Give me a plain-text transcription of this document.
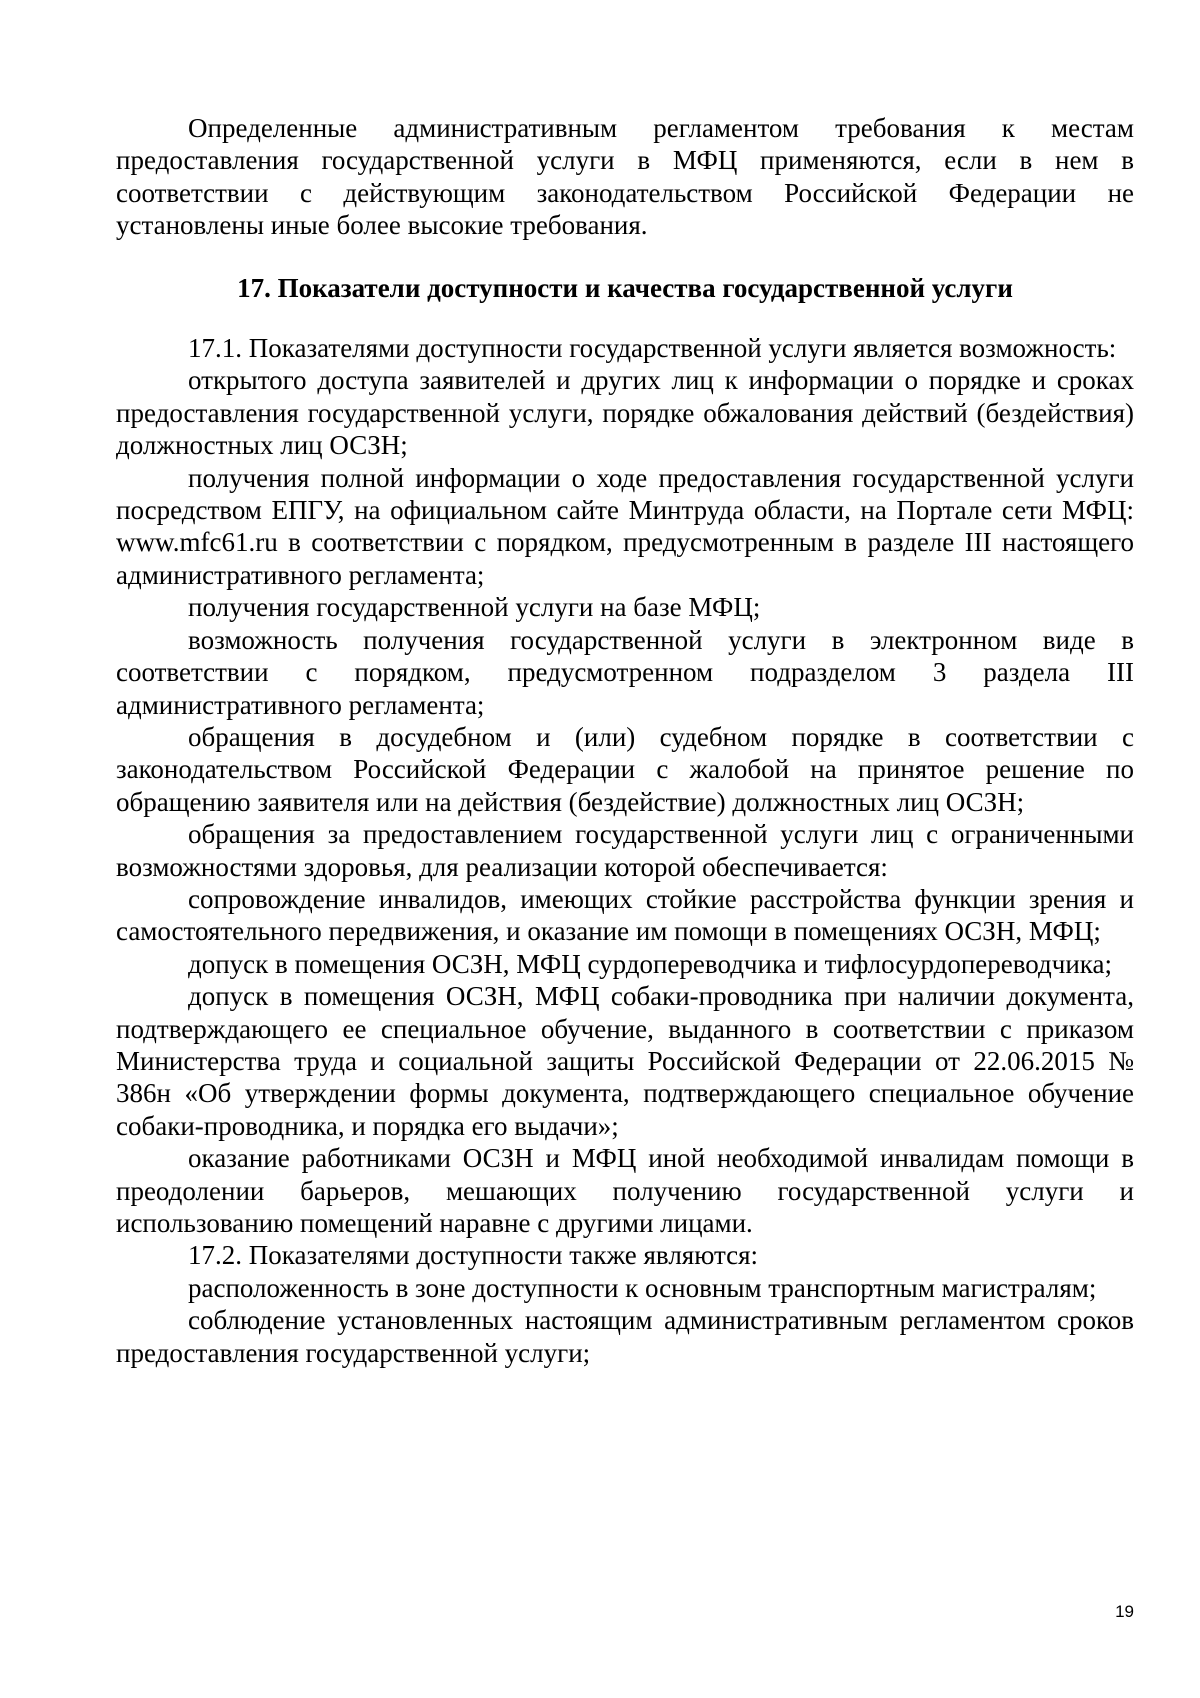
Определенные административным регламентом требования к местам предоставления государственной услуги в МФЦ применяются, если в нем в соответствии с действующим законодательством Российской Федерации не установлены иные более высокие требования.

17. Показатели доступности и качества государственной услуги

17.1. Показателями доступности государственной услуги является возможность:

открытого доступа заявителей и других лиц к информации о порядке и сроках предоставления государственной услуги, порядке обжалования действий (бездействия) должностных лиц ОСЗН;

получения полной информации о ходе предоставления государственной услуги посредством ЕПГУ, на официальном сайте Минтруда области, на Портале сети МФЦ: www.mfc61.ru в соответствии с порядком, предусмотренным в разделе III настоящего административного регламента;

получения государственной услуги на базе МФЦ;

возможность получения государственной услуги в электронном виде в соответствии с порядком, предусмотренном подразделом 3 раздела III административного регламента;

обращения в досудебном и (или) судебном порядке в соответствии с законодательством Российской Федерации с жалобой на принятое решение по обращению заявителя или на действия (бездействие) должностных лиц ОСЗН;

обращения за предоставлением государственной услуги лиц с ограниченными возможностями здоровья, для реализации которой обеспечивается:

сопровождение инвалидов, имеющих стойкие расстройства функции зрения и самостоятельного передвижения, и оказание им помощи в помещениях ОСЗН, МФЦ;

допуск в помещения ОСЗН, МФЦ сурдопереводчика и тифлосурдопереводчика;

допуск в помещения ОСЗН, МФЦ собаки-проводника при наличии документа, подтверждающего ее специальное обучение, выданного в соответствии с приказом Министерства труда и социальной защиты Российской Федерации от 22.06.2015 № 386н «Об утверждении формы документа, подтверждающего специальное обучение собаки-проводника, и порядка его выдачи»;

оказание работниками ОСЗН и МФЦ иной необходимой инвалидам помощи в преодолении барьеров, мешающих получению государственной услуги и использованию помещений наравне с другими лицами.

17.2. Показателями доступности также являются:

расположенность в зоне доступности к основным транспортным магистралям;

соблюдение установленных настоящим административным регламентом сроков предоставления государственной услуги;

19
